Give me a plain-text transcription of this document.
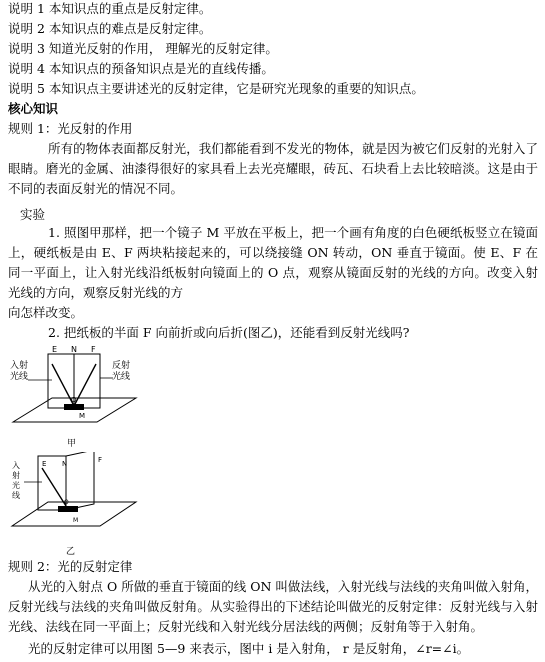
说明 1 本知识点的重点是反射定律。
说明 2 本知识点的难点是反射定律。
说明 3 知道光反射的作用， 理解光的反射定律。
说明 4 本知识点的预备知识点是光的直线传播。
说明 5 本知识点主要讲述光的反射定律，它是研究光现象的重要的知识点。
核心知识
规则 1：光反射的作用
所有的物体表面都反射光，我们都能看到不发光的物体，就是因为被它们反射的光射入了眼睛。磨光的金属、油漆得很好的家具看上去光亮耀眼，砖瓦、石块看上去比较暗淡。这是由于不同的表面反射光的情况不同。
实验
1. 照图甲那样，把一个镜子 M 平放在平板上，把一个画有角度的白色硬纸板竖立在镜面上，硬纸板是由 E、F 两块粘接起来的，可以绕接缝 ON 转动，ON 垂直于镜面。使 E、F 在同一平面上，让入射光线沿纸板射向镜面上的 O 点，观察从镜面反射的光线的方向。改变入射光线的方向，观察反射光线的方
向怎样改变。
2. 把纸板的半面 F 向前折或向后折(图乙)，还能看到反射光线吗?
E N F
O
M
入射
光线
反射
光线
甲
E N	F
O
M
入
射
光
线
乙
规则 2：光的反射定律
从光的入射点 O 所做的垂直于镜面的线 ON 叫做法线，入射光线与法线的夹角叫做入射角，反射光线与法线的夹角叫做反射角。从实验得出的下述结论叫做光的反射定律：反射光线与入射光线、法线在同一平面上；反射光线和入射光线分居法线的两侧；反射角等于入射角。
光的反射定律可以用图 5—9 来表示，图中 i 是入射角， r 是反射角，∠r=∠i。
